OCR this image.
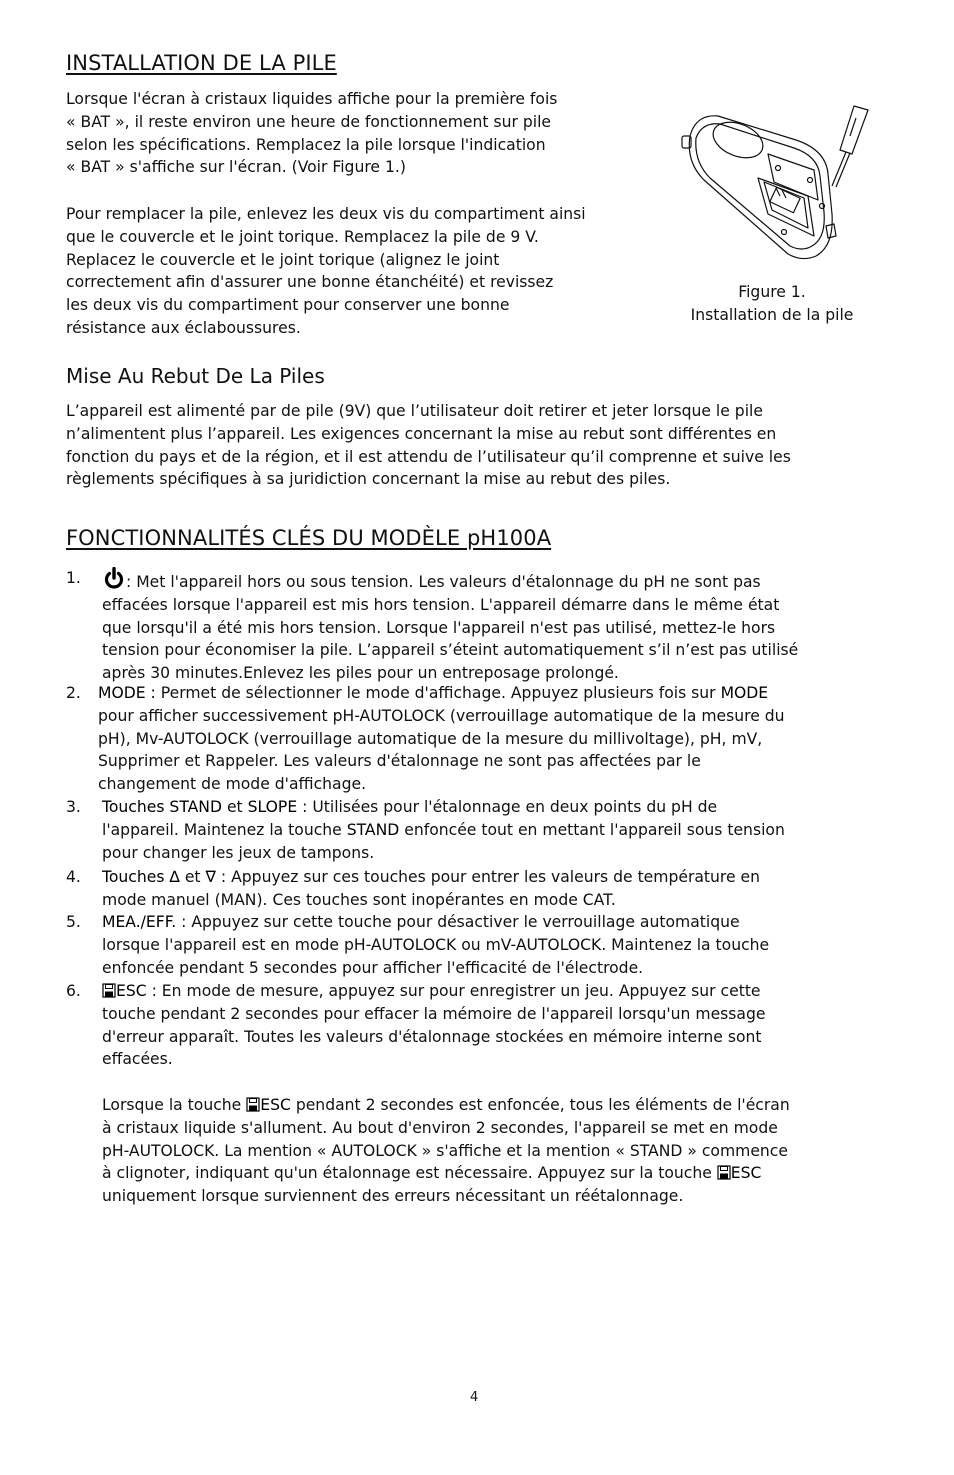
INSTALLATION DE LA PILE
Lorsque l'écran à cristaux liquides affiche pour la première fois
« BAT », il reste environ une heure de fonctionnement sur pile
selon les spécifications. Remplacez la pile lorsque l'indication
« BAT » s'affiche sur l'écran. (Voir Figure 1.)
Pour remplacer la pile, enlevez les deux vis du compartiment ainsi
que le couvercle et le joint torique. Remplacez la pile de 9 V.
Replacez le couvercle et le joint torique (alignez le joint
correctement afin d'assurer une bonne étanchéité) et revissez
les deux vis du compartiment pour conserver une bonne
résistance aux éclaboussures.
Figure 1.
Installation de la pile
Mise Au Rebut De La Piles
L’appareil est alimenté par de pile (9V) que l’utilisateur doit retirer et jeter lorsque le pile
n’alimentent plus l’appareil. Les exigences concernant la mise au rebut sont différentes en
fonction du pays et de la région, et il est attendu de l’utilisateur qu’il comprenne et suive les
règlements spécifiques à sa juridiction concernant la mise au rebut des piles.
FONCTIONNALITÉS CLÉS DU MODÈLE pH100A
1.	: Met l'appareil hors ou sous tension. Les valeurs d'étalonnage du pH ne sont pas
effacées lorsque l'appareil est mis hors tension. L'appareil démarre dans le même état
que lorsqu'il a été mis hors tension. Lorsque l'appareil n'est pas utilisé, mettez-le hors
tension pour économiser la pile. L’appareil s’éteint automatiquement s’il n’est pas utilisé
après 30 minutes.Enlevez les piles pour un entreposage prolongé.
2. MODE : Permet de sélectionner le mode d'affichage. Appuyez plusieurs fois sur MODE
pour afficher successivement pH-AUTOLOCK (verrouillage automatique de la mesure du
pH), Mv-AUTOLOCK (verrouillage automatique de la mesure du millivoltage), pH, mV,
Supprimer et Rappeler. Les valeurs d'étalonnage ne sont pas affectées par le
changement de mode d'affichage.
3. Touches STAND et SLOPE : Utilisées pour l'étalonnage en deux points du pH de
l'appareil. Maintenez la touche STAND enfoncée tout en mettant l'appareil sous tension
pour changer les jeux de tampons.
4. Touches ∆ et ∇ : Appuyez sur ces touches pour entrer les valeurs de température en
mode manuel (MAN). Ces touches sont inopérantes en mode CAT.
5. MEA./EFF. : Appuyez sur cette touche pour désactiver le verrouillage automatique
lorsque l'appareil est en mode pH-AUTOLOCK ou mV-AUTOLOCK. Maintenez la touche
enfoncée pendant 5 secondes pour afficher l'efficacité de l'électrode.
6.	ESC : En mode de mesure, appuyez sur pour enregistrer un jeu. Appuyez sur cette
touche pendant 2 secondes pour effacer la mémoire de l'appareil lorsqu'un message
d'erreur apparaît. Toutes les valeurs d'étalonnage stockées en mémoire interne sont
effacées.
Lorsque la touche ESC pendant 2 secondes est enfoncée, tous les éléments de l'écran
à cristaux liquide s'allument. Au bout d'environ 2 secondes, l'appareil se met en mode
pH-AUTOLOCK. La mention « AUTOLOCK » s'affiche et la mention « STAND » commence
à clignoter, indiquant qu'un étalonnage est nécessaire. Appuyez sur la touche ESC
uniquement lorsque surviennent des erreurs nécessitant un réétalonnage.
4
